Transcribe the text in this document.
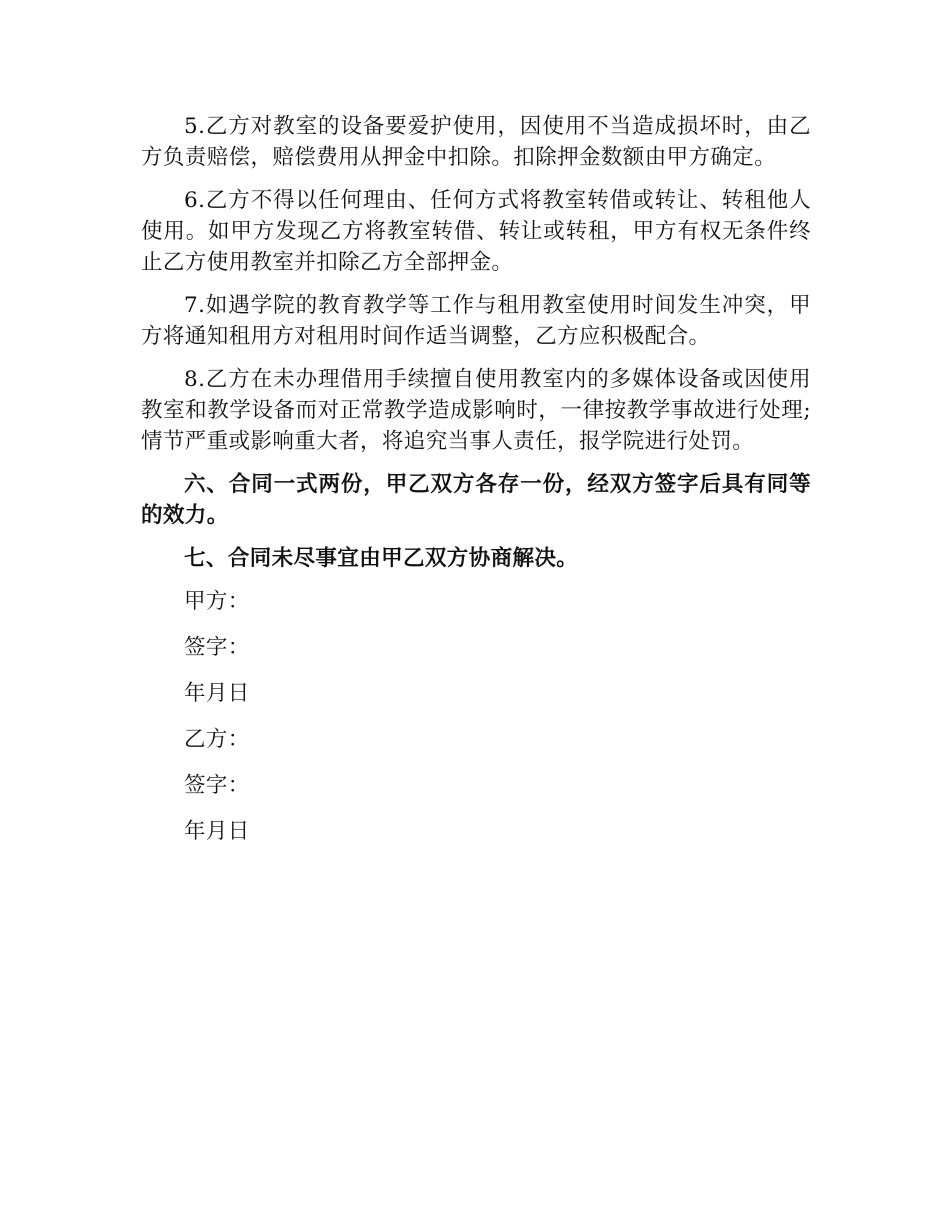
5.乙方对教室的设备要爱护使用，因使用不当造成损坏时，由乙方负责赔偿，赔偿费用从押金中扣除。扣除押金数额由甲方确定。

6.乙方不得以任何理由、任何方式将教室转借或转让、转租他人使用。如甲方发现乙方将教室转借、转让或转租，甲方有权无条件终止乙方使用教室并扣除乙方全部押金。

7.如遇学院的教育教学等工作与租用教室使用时间发生冲突，甲方将通知租用方对租用时间作适当调整，乙方应积极配合。

8.乙方在未办理借用手续擅自使用教室内的多媒体设备或因使用教室和教学设备而对正常教学造成影响时，一律按教学事故进行处理;情节严重或影响重大者，将追究当事人责任，报学院进行处罚。

六、合同一式两份，甲乙双方各存一份，经双方签字后具有同等的效力。

七、合同未尽事宜由甲乙双方协商解决。

甲方：

签字：

年月日

乙方：

签字：

年月日
